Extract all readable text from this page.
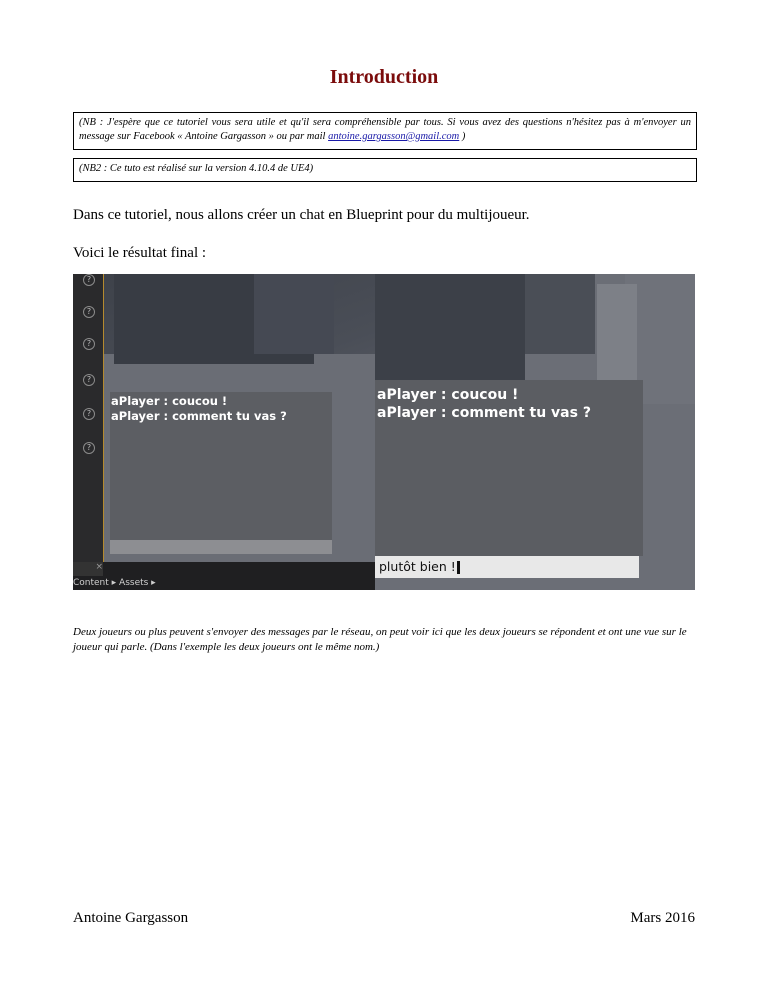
Introduction
(NB : J'espère que ce tutoriel vous sera utile et qu'il sera compréhensible par tous. Si vous avez des questions n'hésitez pas à m'envoyer un message sur Facebook « Antoine Gargasson » ou par mail antoine.gargasson@gmail.com )
(NB2 : Ce tuto est réalisé sur la version 4.10.4 de UE4)
Dans ce tutoriel, nous allons créer un chat en Blueprint pour du multijoueur.
Voici le résultat final :
?
?
?
?
?
?
aPlayer : coucou !
aPlayer : comment tu vas ?
×
Content ▸ Assets ▸
plutôt bien !
aPlayer : coucou !
aPlayer : comment tu vas ?
Deux joueurs ou plus peuvent s'envoyer des messages par le réseau, on peut voir ici que les deux joueurs se répondent et ont une vue sur le joueur qui parle. (Dans l'exemple les deux joueurs ont le même nom.)
Antoine Gargasson	Mars 2016
